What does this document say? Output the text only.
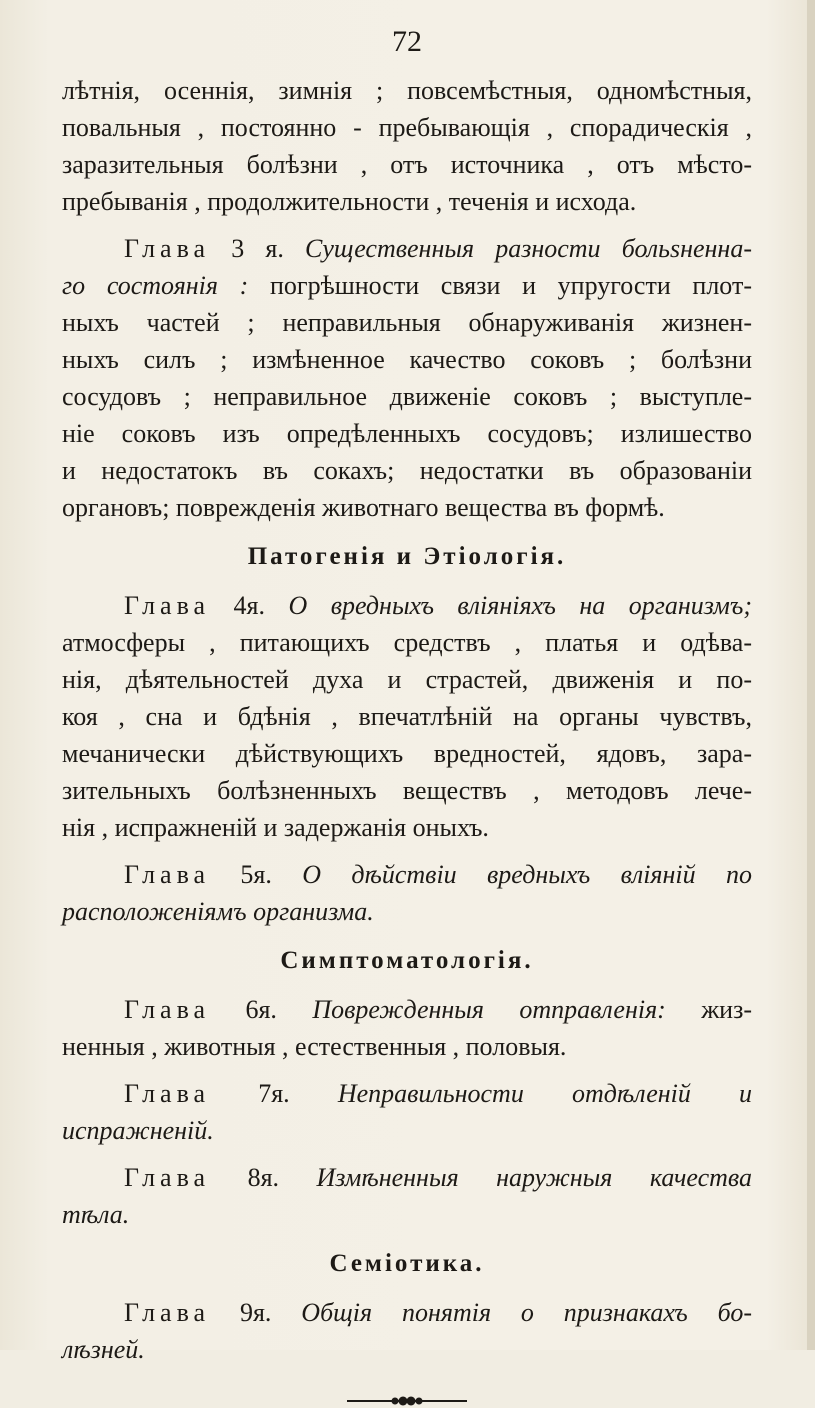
72
лѣтнія, осеннія, зимнія ; повсемѣстныя, одномѣстныя,
повальныя , постоянно - пребывающія , спорадическія ,
заразительныя болѣзни , отъ источника , отъ мѣсто-
пребыванія , продолжительности , теченія и исхода.
Глава 3 я. Существенныя разности больѕненна-
го состоянія : погрѣшности связи и упругости плот-
ныхъ частей ; неправильныя обнаруживанія жизнен-
ныхъ силъ ; измѣненное качество соковъ ; болѣзни
сосудовъ ; неправильное движеніе соковъ ; выступле-
ніе соковъ изъ опредѣленныхъ сосудовъ; излишество
и недостатокъ въ сокахъ; недостатки въ образованіи
органовъ; поврежденія животнаго вещества въ формѣ.
Патогенія и Этіологія.
Глава 4я. О вредныхъ вліяніяхъ на организмъ;
атмосферы , питающихъ средствъ , платья и одѣва-
нія, дѣятельностей духа и страстей, движенія и по-
коя , сна и бдѣнія , впечатлѣній на органы чувствъ,
мечанически дѣйствующихъ вредностей, ядовъ, зара-
зительныхъ болѣзненныхъ веществъ , методовъ лече-
нія , испражненій и задержанія оныхъ.
Глава 5я. О дѣйствіи вредныхъ вліяній по
расположеніямъ организма.
Симптоматологія.
Глава 6я. Поврежденныя отправленія: жиз-
ненныя , животныя , естественныя , половыя.
Глава 7я. Неправильности отдѣленій и
испражненій.
Глава 8я. Измѣненныя наружныя качества
тѣла.
Семіотика.
Глава 9я. Общія понятія о признакахъ бо-
лѣзней.
